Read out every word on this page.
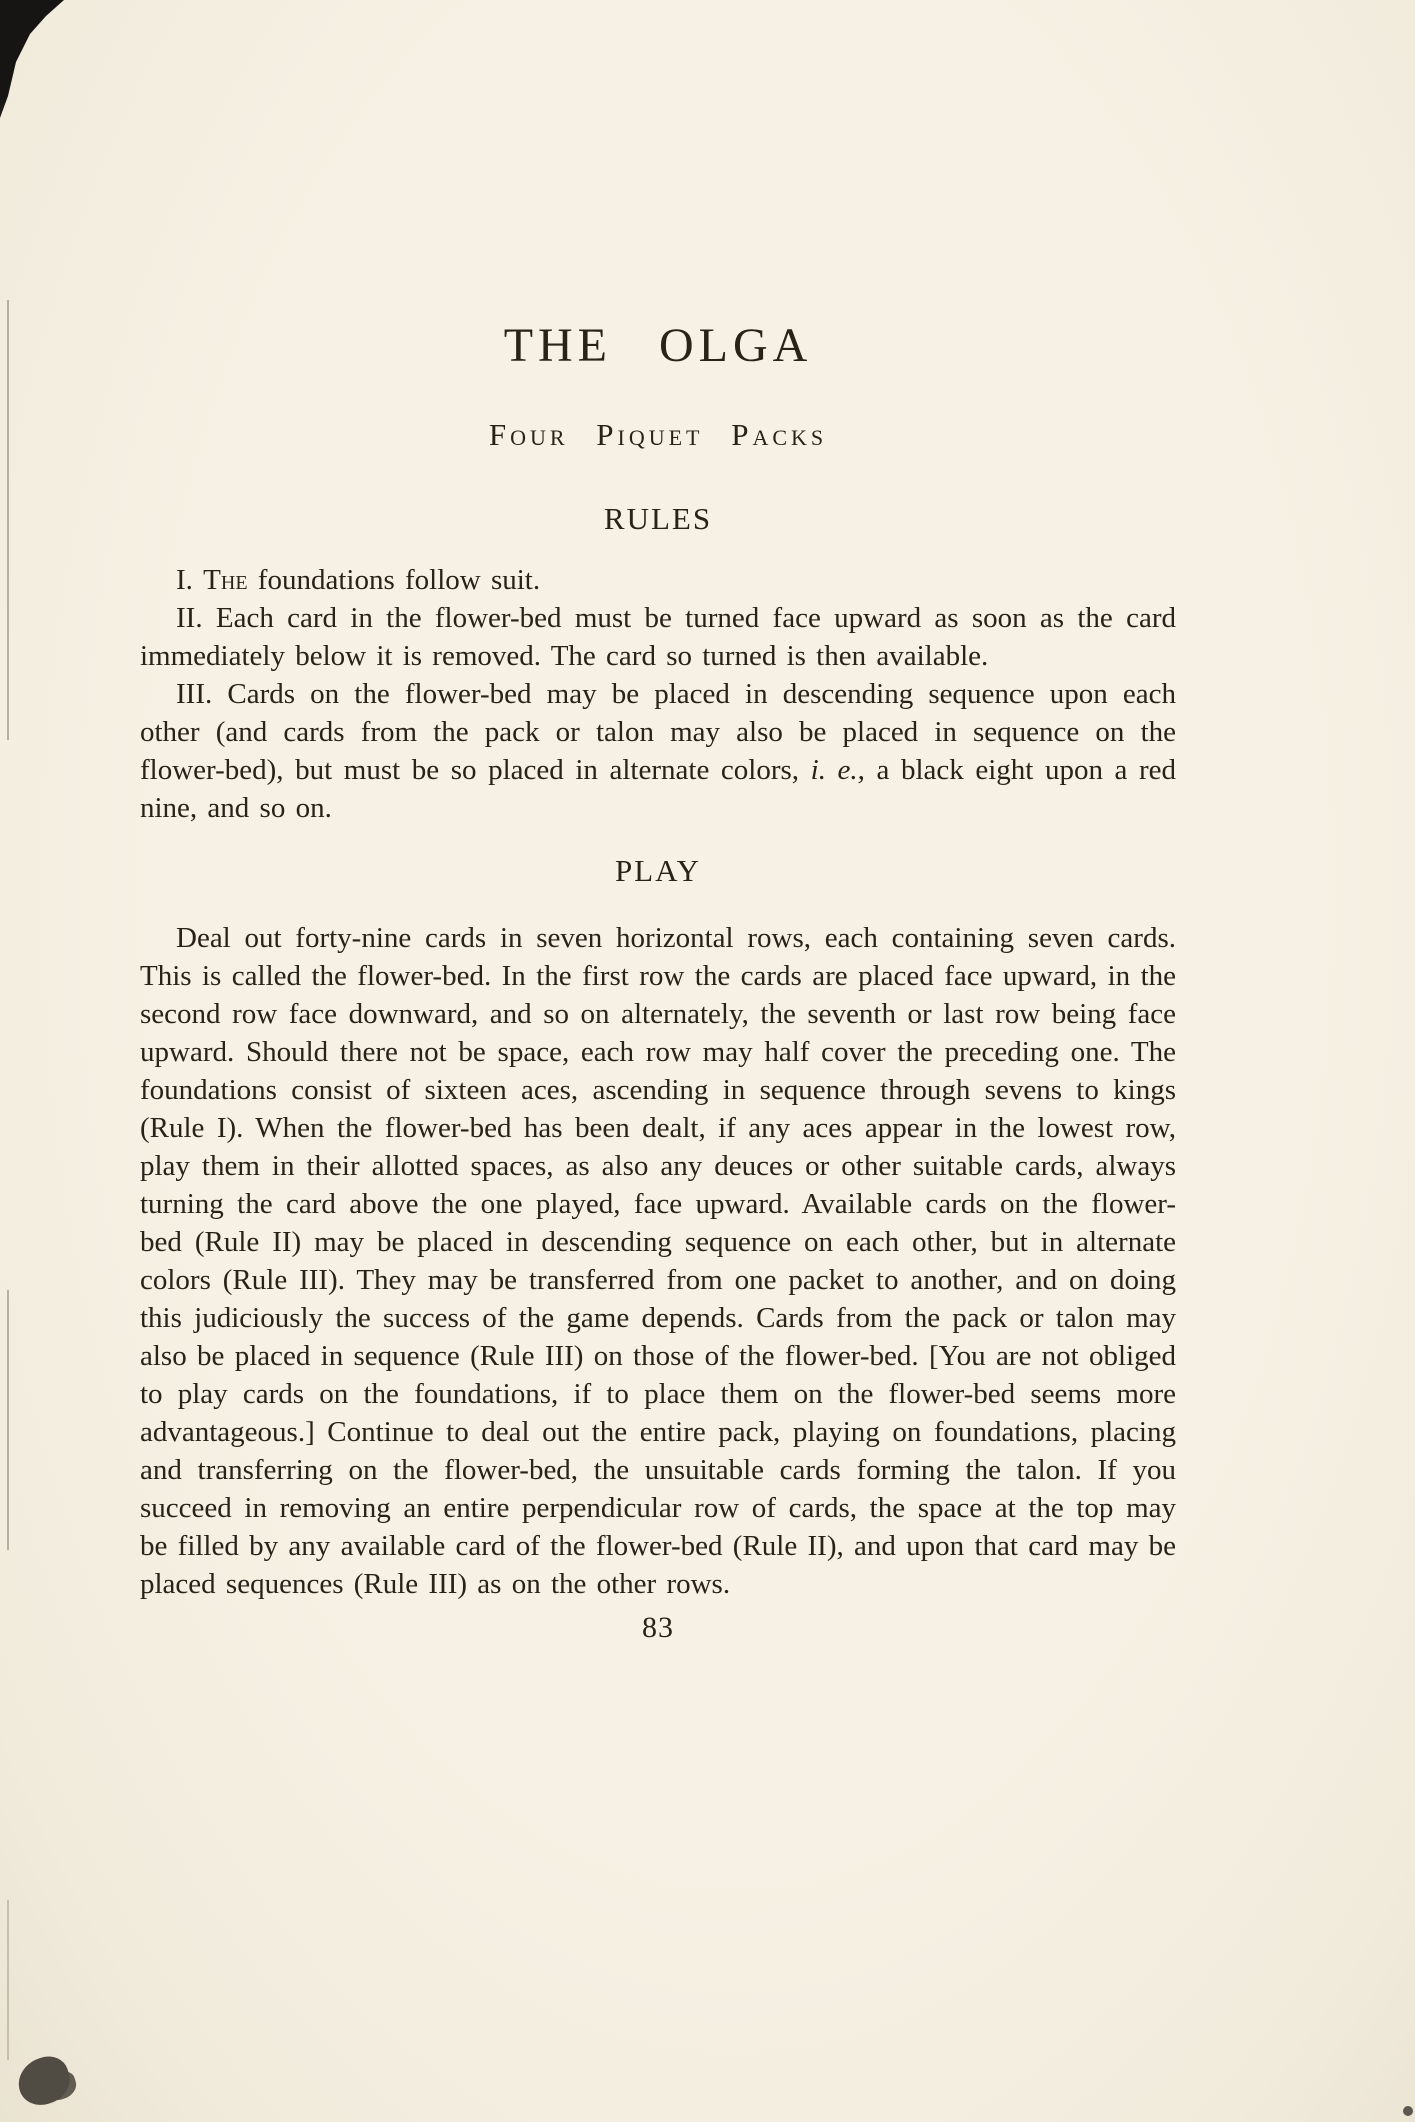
THE OLGA
Four Piquet Packs
RULES

I. The foundations follow suit.

II. Each card in the flower-bed must be turned face upward as soon as the card immediately below it is removed. The card so turned is then available.

III. Cards on the flower-bed may be placed in descending sequence upon each other (and cards from the pack or talon may also be placed in sequence on the flower-bed), but must be so placed in alternate colors, i. e., a black eight upon a red nine, and so on.

PLAY

Deal out forty-nine cards in seven horizontal rows, each containing seven cards. This is called the flower-bed. In the first row the cards are placed face upward, in the second row face downward, and so on alternately, the seventh or last row being face upward. Should there not be space, each row may half cover the preceding one. The foundations consist of sixteen aces, ascending in sequence through sevens to kings (Rule I). When the flower-bed has been dealt, if any aces appear in the lowest row, play them in their allotted spaces, as also any deuces or other suitable cards, always turning the card above the one played, face upward. Available cards on the flower-bed (Rule II) may be placed in descending sequence on each other, but in alternate colors (Rule III). They may be transferred from one packet to another, and on doing this judiciously the success of the game depends. Cards from the pack or talon may also be placed in sequence (Rule III) on those of the flower-bed. [You are not obliged to play cards on the foundations, if to place them on the flower-bed seems more advantageous.] Continue to deal out the entire pack, playing on foundations, placing and transferring on the flower-bed, the unsuitable cards forming the talon. If you succeed in removing an entire perpendicular row of cards, the space at the top may be filled by any available card of the flower-bed (Rule II), and upon that card may be placed sequences (Rule III) as on the other rows.

83
